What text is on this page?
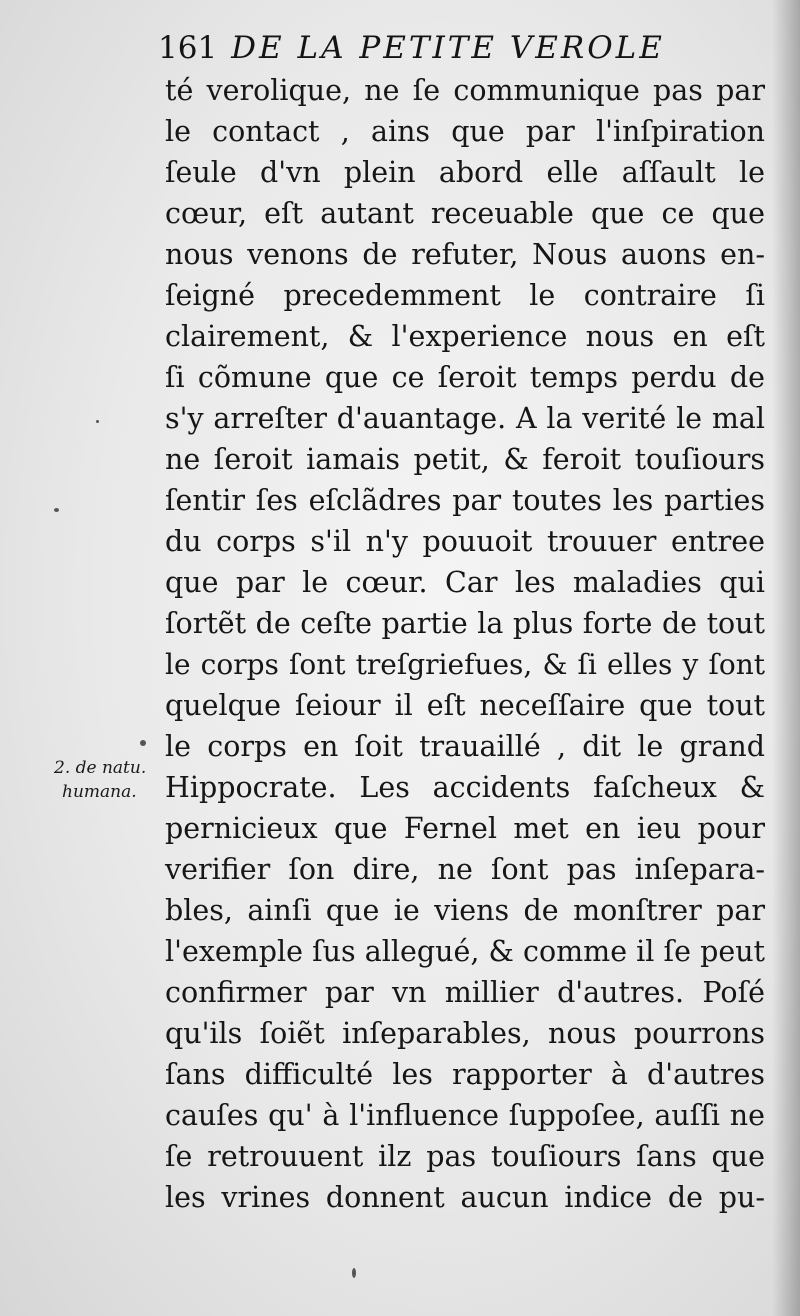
161 DE LA PETITE VEROLE
té verolique, ne ſe communique pas par
le contact , ains que par l'inſpiration
ſeule d'vn plein abord elle aſſault le
cœur, eſt autant receuable que ce que
nous venons de refuter, Nous auons en-
ſeigné precedemment le contraire ſi
clairement, & l'experience nous en eſt
ſi cõmune que ce ſeroit temps perdu de
s'y arreſter d'auantage. A la verité le mal
ne ſeroit iamais petit, & feroit touſiours
ſentir ſes eſclãdres par toutes les parties
du corps s'il n'y pouuoit trouuer entree
que par le cœur. Car les maladies qui
ſortẽt de ceſte partie la plus forte de tout
le corps ſont treſgriefues, & ſi elles y ſont
quelque ſeiour il eſt neceſſaire que tout
le corps en ſoit trauaillé , dit le grand
Hippocrate. Les accidents faſcheux &
pernicieux que Fernel met en ieu pour
verifier ſon dire, ne ſont pas inſepara-
bles, ainſi que ie viens de monſtrer par
l'exemple ſus allegué, & comme il ſe peut
confirmer par vn millier d'autres. Poſé
qu'ils ſoiẽt inſeparables, nous pourrons
ſans difficulté les rapporter à d'autres
cauſes qu' à l'influence ſuppoſee, auſſi ne
ſe retrouuent ilz pas touſiours ſans que
les vrines donnent aucun indice de pu-
2. de natu.
humana.
